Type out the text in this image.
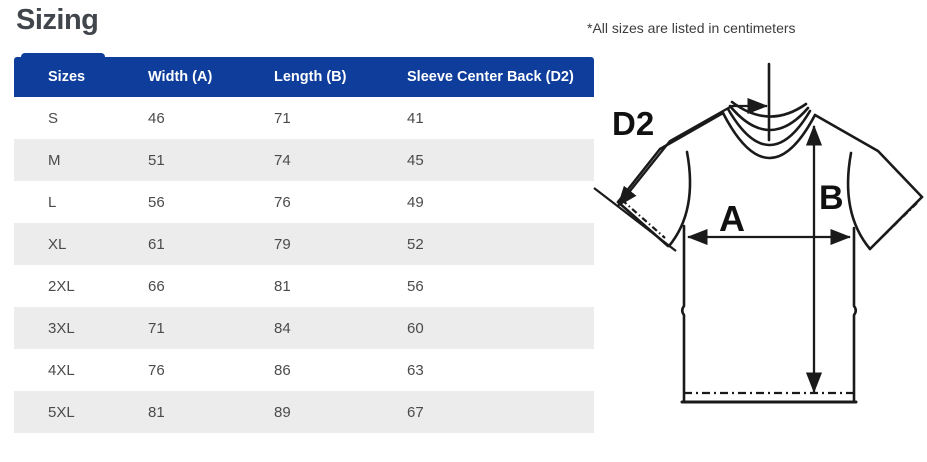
Sizing	*All sizes are listed in centimeters
Sizes	Width (A)	Length (B)	Sleeve Center Back (D2)
S	46	71	41
M	51	74	45
L	56	76	49
XL	61	79	52
2XL	66	81	56
3XL	71	84	60
4XL	76	86	63
5XL	81	89	67
D2
A B
